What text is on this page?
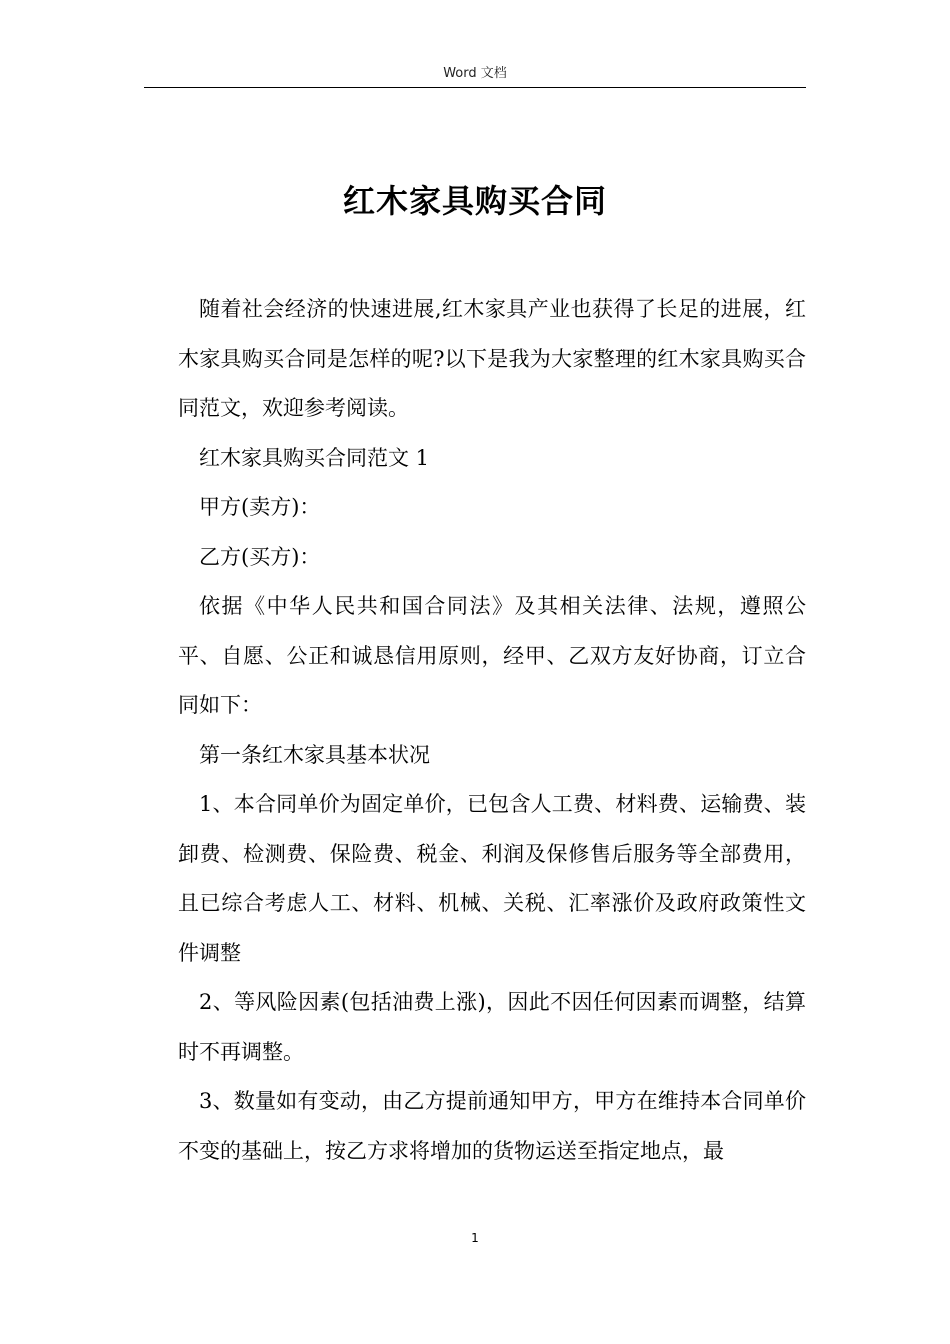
Word 文档
红木家具购买合同

随着社会经济的快速进展,红木家具产业也获得了长足的进展，红木家具购买合同是怎样的呢?以下是我为大家整理的红木家具购买合同范文，欢迎参考阅读。

红木家具购买合同范文 1

甲方(卖方)：

乙方(买方)：

依据《中华人民共和国合同法》及其相关法律、法规，遵照公平、自愿、公正和诚恳信用原则，经甲、乙双方友好协商，订立合同如下：

第一条红木家具基本状况

1、本合同单价为固定单价，已包含人工费、材料费、运输费、装卸费、检测费、保险费、税金、利润及保修售后服务等全部费用，且已综合考虑人工、材料、机械、关税、汇率涨价及政府政策性文件调整

2、等风险因素(包括油费上涨)，因此不因任何因素而调整，结算时不再调整。

3、数量如有变动，由乙方提前通知甲方，甲方在维持本合同单价不变的基础上，按乙方求将增加的货物运送至指定地点，最

1
